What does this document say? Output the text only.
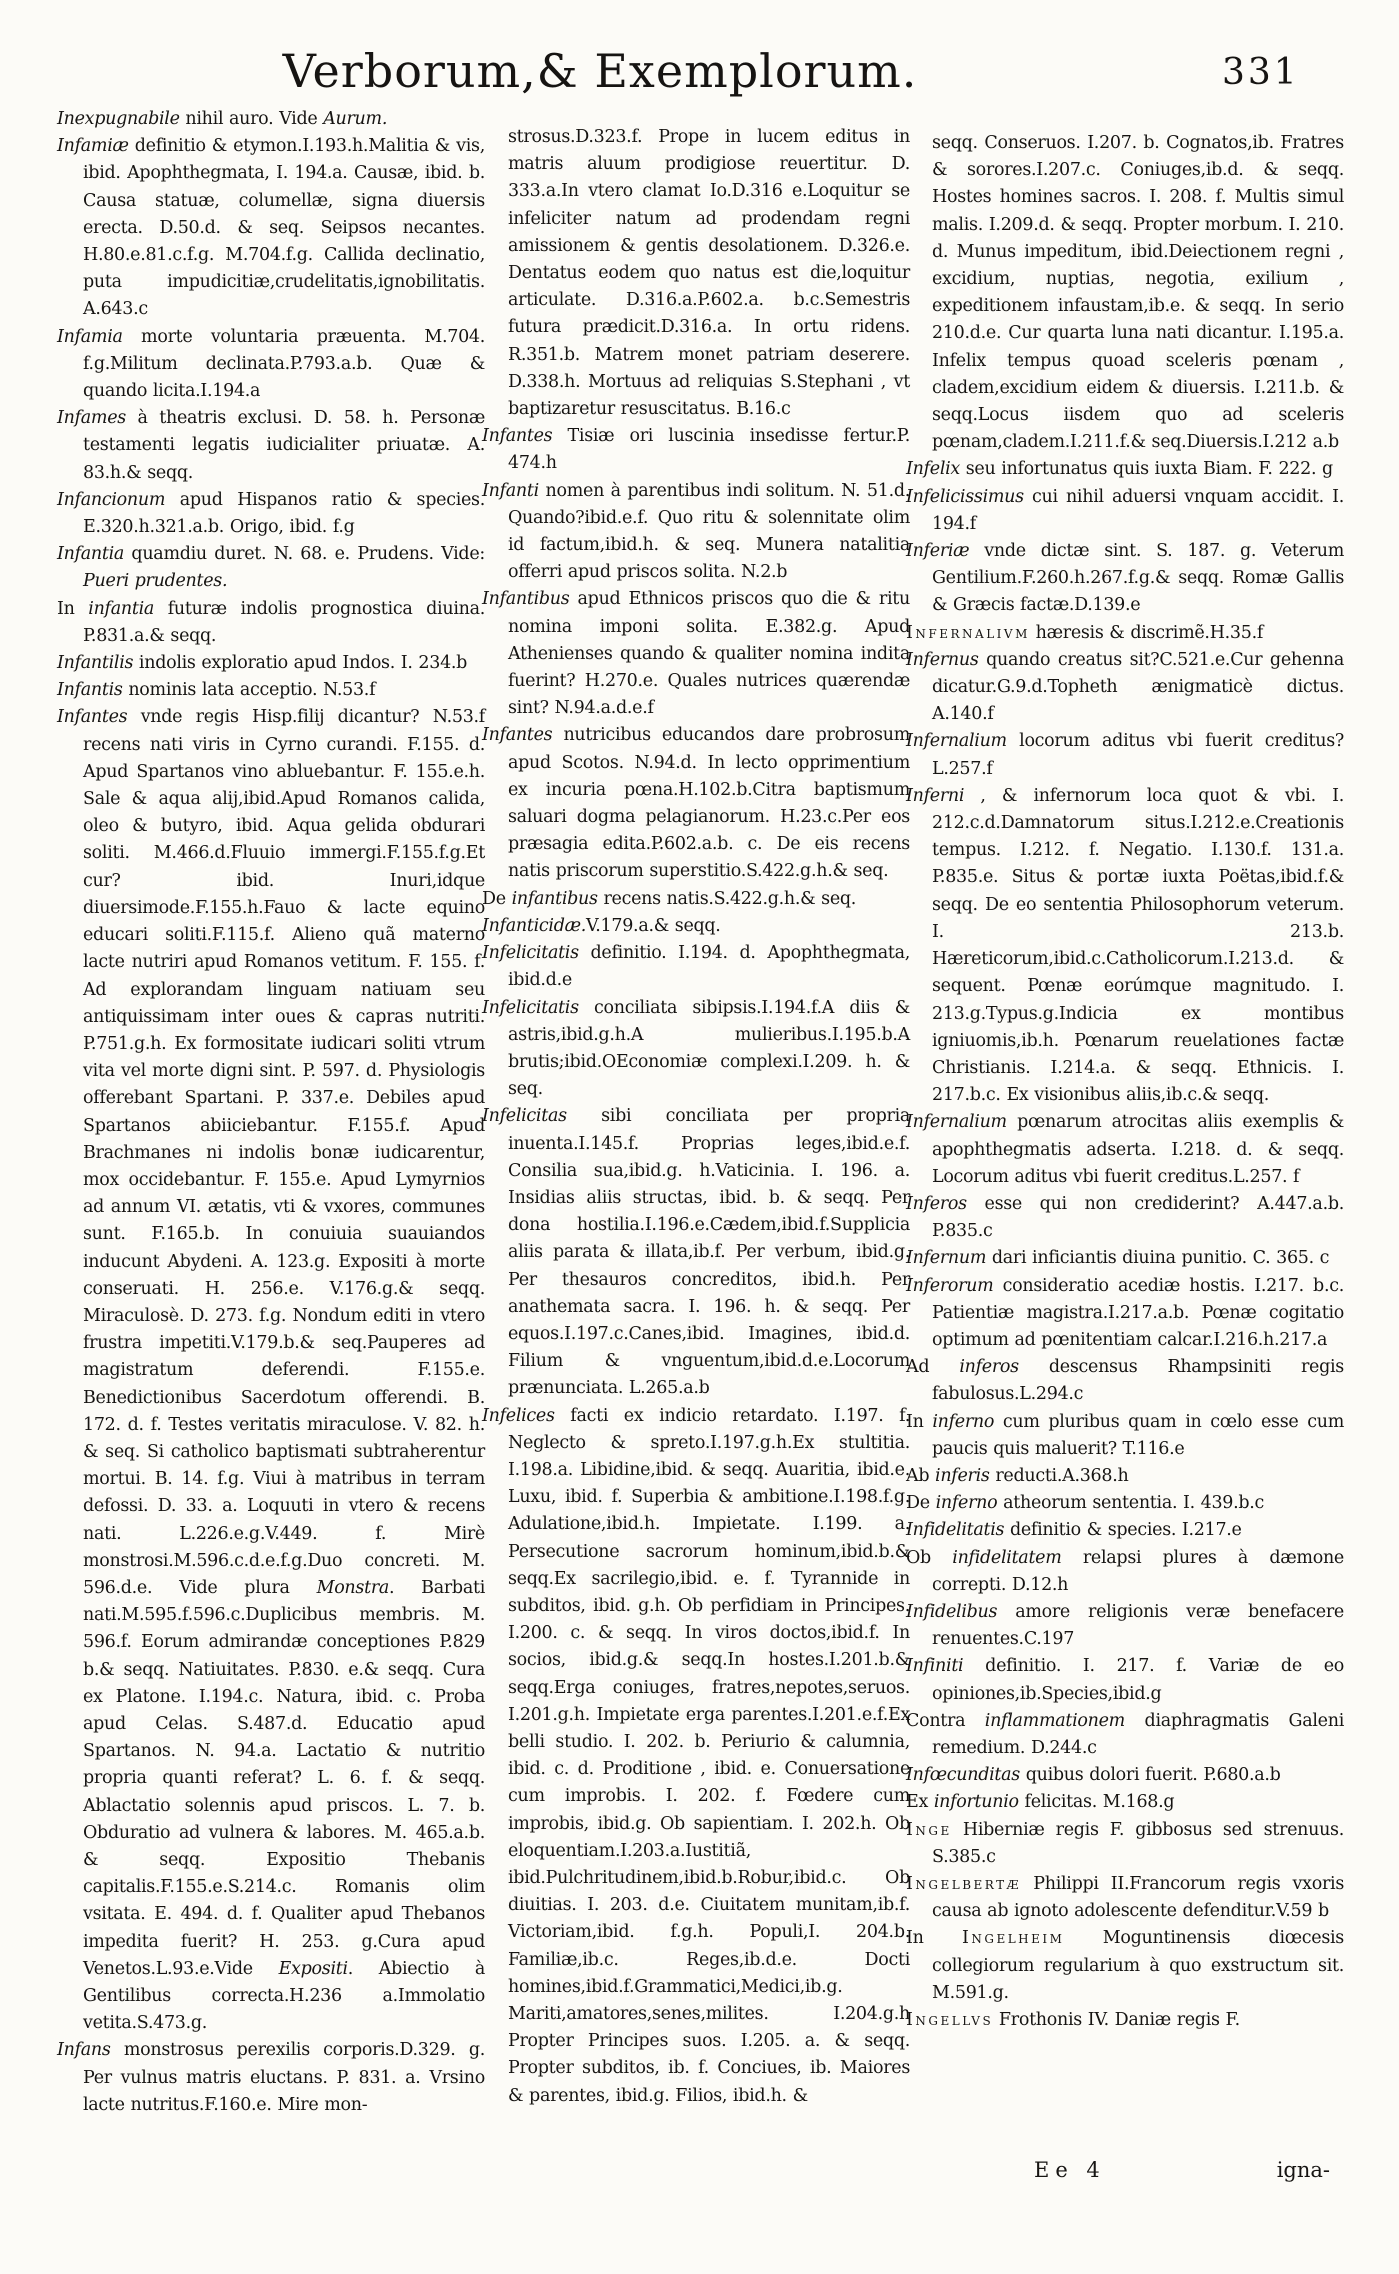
Verborum,& Exemplorum.	331
Inexpugnabile nihil auro. Vide Aurum.
Infamiæ definitio & etymon.I.193.h.Malitia & vis, ibid. Apophthegmata, I. 194.a. Causæ, ibid. b. Causa statuæ, columellæ, signa diuersis erecta. D.50.d. & seq. Seipsos necantes. H.80.e.81.c.f.g. M.704.f.g. Callida declinatio, puta impudicitiæ,crudelitatis,ignobilitatis. A.643.c
Infamia morte voluntaria præuenta. M.704. f.g.Militum declinata.P.793.a.b. Quæ & quando licita.I.194.a
Infames à theatris exclusi. D. 58. h. Personæ testamenti legatis iudicialiter priuatæ. A. 83.h.& seqq.
Infancionum apud Hispanos ratio & species. E.320.h.321.a.b. Origo, ibid. f.g
Infantia quamdiu duret. N. 68. e. Prudens. Vide: Pueri prudentes.
In infantia futuræ indolis prognostica diuina. P.831.a.& seqq.
Infantilis indolis exploratio apud Indos. I. 234.b
Infantis nominis lata acceptio. N.53.f
Infantes vnde regis Hisp.filij dicantur? N.53.f recens nati viris in Cyrno curandi. F.155. d. Apud Spartanos vino abluebantur. F. 155.e.h. Sale & aqua alij,ibid.Apud Romanos calida, oleo & butyro, ibid. Aqua gelida obdurari soliti. M.466.d.Fluuio immergi.F.155.f.g.Et cur? ibid. Inuri,idque diuersimode.F.155.h.Fauo & lacte equino educari soliti.F.115.f. Alieno quã materno lacte nutriri apud Romanos vetitum. F. 155. f. Ad explorandam linguam natiuam seu antiquissimam inter oues & capras nutriti. P.751.g.h. Ex formositate iudicari soliti vtrum vita vel morte digni sint. P. 597. d. Physiologis offerebant Spartani. P. 337.e. Debiles apud Spartanos abiiciebantur. F.155.f. Apud Brachmanes ni indolis bonæ iudicarentur, mox occidebantur. F. 155.e. Apud Lymyrnios ad annum VI. ætatis, vti & vxores, communes sunt. F.165.b. In conuiuia suauiandos inducunt Abydeni. A. 123.g. Expositi à morte conseruati. H. 256.e. V.176.g.& seqq. Miraculosè. D. 273. f.g. Nondum editi in vtero frustra impetiti.V.179.b.& seq.Pauperes ad magistratum deferendi. F.155.e. Benedictionibus Sacerdotum offerendi. B. 172. d. f. Testes veritatis miraculose. V. 82. h. & seq. Si catholico baptismati subtraherentur mortui. B. 14. f.g. Viui à matribus in terram defossi. D. 33. a. Loquuti in vtero & recens nati. L.226.e.g.V.449. f. Mirè monstrosi.M.596.c.d.e.f.g.Duo concreti. M. 596.d.e. Vide plura Monstra. Barbati nati.M.595.f.596.c.Duplicibus membris. M. 596.f. Eorum admirandæ conceptiones P.829 b.& seqq. Natiuitates. P.830. e.& seqq. Cura ex Platone. I.194.c. Natura, ibid. c. Proba apud Celas. S.487.d. Educatio apud Spartanos. N. 94.a. Lactatio & nutritio propria quanti referat? L. 6. f. & seqq. Ablactatio solennis apud priscos. L. 7. b. Obduratio ad vulnera & labores. M. 465.a.b. & seqq. Expositio Thebanis capitalis.F.155.e.S.214.c. Romanis olim vsitata. E. 494. d. f. Qualiter apud Thebanos impedita fuerit? H. 253. g.Cura apud Venetos.L.93.e.Vide Expositi. Abiectio à Gentilibus correcta.H.236 a.Immolatio vetita.S.473.g.
Infans monstrosus perexilis corporis.D.329. g. Per vulnus matris eluctans. P. 831. a. Vrsino lacte nutritus.F.160.e. Mire mon-
strosus.D.323.f. Prope in lucem editus in matris aluum prodigiose reuertitur. D. 333.a.In vtero clamat Io.D.316 e.Loquitur se infeliciter natum ad prodendam regni amissionem & gentis desolationem. D.326.e. Dentatus eodem quo natus est die,loquitur articulate. D.316.a.P.602.a. b.c.Semestris futura prædicit.D.316.a. In ortu ridens. R.351.b. Matrem monet patriam deserere. D.338.h. Mortuus ad reliquias S.Stephani , vt baptizaretur resuscitatus. B.16.c
Infantes Tisiæ ori luscinia insedisse fertur.P. 474.h
Infanti nomen à parentibus indi solitum. N. 51.d. Quando?ibid.e.f. Quo ritu & solennitate olim id factum,ibid.h. & seq. Munera natalitia offerri apud priscos solita. N.2.b
Infantibus apud Ethnicos priscos quo die & ritu nomina imponi solita. E.382.g. Apud Athenienses quando & qualiter nomina indita fuerint? H.270.e. Quales nutrices quærendæ sint? N.94.a.d.e.f
Infantes nutricibus educandos dare probrosum apud Scotos. N.94.d. In lecto opprimentium ex incuria pœna.H.102.b.Citra baptismum saluari dogma pelagianorum. H.23.c.Per eos præsagia edita.P.602.a.b. c. De eis recens natis priscorum superstitio.S.422.g.h.& seq.
De infantibus recens natis.S.422.g.h.& seq.
Infanticidæ.V.179.a.& seqq.
Infelicitatis definitio. I.194. d. Apophthegmata, ibid.d.e
Infelicitatis conciliata sibipsis.I.194.f.A diis & astris,ibid.g.h.A mulieribus.I.195.b.A brutis;ibid.OEconomiæ complexi.I.209. h. & seq.
Infelicitas sibi conciliata per propria inuenta.I.145.f. Proprias leges,ibid.e.f. Consilia sua,ibid.g. h.Vaticinia. I. 196. a. Insidias aliis structas, ibid. b. & seqq. Per dona hostilia.I.196.e.Cædem,ibid.f.Supplicia aliis parata & illata,ib.f. Per verbum, ibid.g. Per thesauros concreditos, ibid.h. Per anathemata sacra. I. 196. h. & seqq. Per equos.I.197.c.Canes,ibid. Imagines, ibid.d. Filium & vnguentum,ibid.d.e.Locorum prænunciata. L.265.a.b
Infelices facti ex indicio retardato. I.197. f. Neglecto & spreto.I.197.g.h.Ex stultitia. I.198.a. Libidine,ibid. & seqq. Auaritia, ibid.e. Luxu, ibid. f. Superbia & ambitione.I.198.f.g. Adulatione,ibid.h. Impietate. I.199. a. Persecutione sacrorum hominum,ibid.b.& seqq.Ex sacrilegio,ibid. e. f. Tyrannide in subditos, ibid. g.h. Ob perfidiam in Principes. I.200. c. & seqq. In viros doctos,ibid.f. In socios, ibid.g.& seqq.In hostes.I.201.b.& seqq.Erga coniuges, fratres,nepotes,seruos. I.201.g.h. Impietate erga parentes.I.201.e.f.Ex belli studio. I. 202. b. Periurio & calumnia, ibid. c. d. Proditione , ibid. e. Conuersatione cum improbis. I. 202. f. Fœdere cum improbis, ibid.g. Ob sapientiam. I. 202.h. Ob eloquentiam.I.203.a.Iustitiã, ibid.Pulchritudinem,ibid.b.Robur,ibid.c. Ob diuitias. I. 203. d.e. Ciuitatem munitam,ib.f. Victoriam,ibid. f.g.h. Populi,I. 204.b. Familiæ,ib.c. Reges,ib.d.e. Docti homines,ibid.f.Grammatici,Medici,ib.g. Mariti,amatores,senes,milites. I.204.g.h Propter Principes suos. I.205. a. & seqq. Propter subditos, ib. f. Conciues, ib. Maiores & parentes, ibid.g. Filios, ibid.h. &
seqq. Conseruos. I.207. b. Cognatos,ib. Fratres & sorores.I.207.c. Coniuges,ib.d. & seqq. Hostes homines sacros. I. 208. f. Multis simul malis. I.209.d. & seqq. Propter morbum. I. 210. d. Munus impeditum, ibid.Deiectionem regni , excidium, nuptias, negotia, exilium , expeditionem infaustam,ib.e. & seqq. In serio 210.d.e. Cur quarta luna nati dicantur. I.195.a. Infelix tempus quoad sceleris pœnam , cladem,excidium eidem & diuersis. I.211.b. & seqq.Locus iisdem quo ad sceleris pœnam,cladem.I.211.f.& seq.Diuersis.I.212 a.b
Infelix seu infortunatus quis iuxta Biam. F. 222. g
Infelicissimus cui nihil aduersi vnquam accidit. I. 194.f
Inferiæ vnde dictæ sint. S. 187. g. Veterum Gentilium.F.260.h.267.f.g.& seqq. Romæ Gallis & Græcis factæ.D.139.e
Infernalivm hæresis & discrimẽ.H.35.f
Infernus quando creatus sit?C.521.e.Cur gehenna dicatur.G.9.d.Topheth ænigmaticè dictus. A.140.f
Infernalium locorum aditus vbi fuerit creditus? L.257.f
Inferni , & infernorum loca quot & vbi. I. 212.c.d.Damnatorum situs.I.212.e.Creationis tempus. I.212. f. Negatio. I.130.f. 131.a. P.835.e. Situs & portæ iuxta Poëtas,ibid.f.& seqq. De eo sententia Philosophorum veterum. I. 213.b. Hæreticorum,ibid.c.Catholicorum.I.213.d. & sequent. Pœnæ eorúmque magnitudo. I. 213.g.Typus.g.Indicia ex montibus igniuomis,ib.h. Pœnarum reuelationes factæ Christianis. I.214.a. & seqq. Ethnicis. I. 217.b.c. Ex visionibus aliis,ib.c.& seqq.
Infernalium pœnarum atrocitas aliis exemplis & apophthegmatis adserta. I.218. d. & seqq. Locorum aditus vbi fuerit creditus.L.257. f
Inferos esse qui non crediderint? A.447.a.b. P.835.c
Infernum dari inficiantis diuina punitio. C. 365. c
Inferorum consideratio acediæ hostis. I.217. b.c. Patientiæ magistra.I.217.a.b. Pœnæ cogitatio optimum ad pœnitentiam calcar.I.216.h.217.a
Ad inferos descensus Rhampsiniti regis fabulosus.L.294.c
In inferno cum pluribus quam in cœlo esse cum paucis quis maluerit? T.116.e
Ab inferis reducti.A.368.h
De inferno atheorum sententia. I. 439.b.c
Infidelitatis definitio & species. I.217.e
Ob infidelitatem relapsi plures à dæmone correpti. D.12.h
Infidelibus amore religionis veræ benefacere renuentes.C.197
Infiniti definitio. I. 217. f. Variæ de eo opiniones,ib.Species,ibid.g
Contra inflammationem diaphragmatis Galeni remedium. D.244.c
Infœcunditas quibus dolori fuerit. P.680.a.b
Ex infortunio felicitas. M.168.g
Inge Hiberniæ regis F. gibbosus sed strenuus. S.385.c
Ingelbertæ Philippi II.Francorum regis vxoris causa ab ignoto adolescente defenditur.V.59 b
In Ingelheim Moguntinensis diœcesis collegiorum regularium à quo exstructum sit. M.591.g.
Ingellvs Frothonis IV. Daniæ regis F.
Ee 4	igna-
